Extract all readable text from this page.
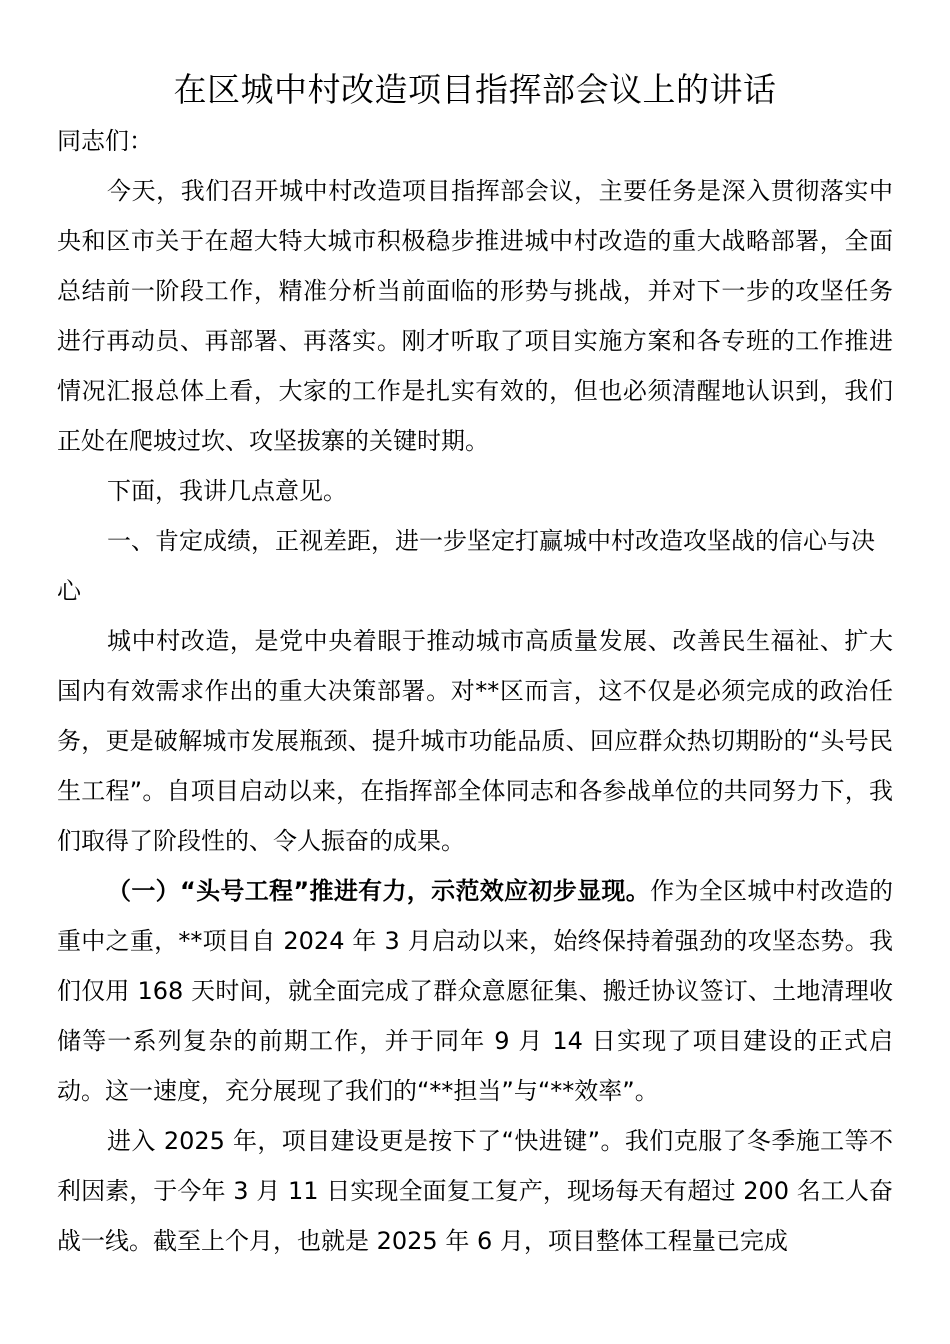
在区城中村改造项目指挥部会议上的讲话

同志们：

今天，我们召开城中村改造项目指挥部会议，主要任务是深入贯彻落实中央和区市关于在超大特大城市积极稳步推进城中村改造的重大战略部署，全面总结前一阶段工作，精准分析当前面临的形势与挑战，并对下一步的攻坚任务进行再动员、再部署、再落实。刚才听取了项目实施方案和各专班的工作推进情况汇报总体上看，大家的工作是扎实有效的，但也必须清醒地认识到，我们正处在爬坡过坎、攻坚拔寨的关键时期。

下面，我讲几点意见。

一、肯定成绩，正视差距，进一步坚定打赢城中村改造攻坚战的信心与决心

城中村改造，是党中央着眼于推动城市高质量发展、改善民生福祉、扩大国内有效需求作出的重大决策部署。对**区而言，这不仅是必须完成的政治任务，更是破解城市发展瓶颈、提升城市功能品质、回应群众热切期盼的“头号民生工程”。自项目启动以来，在指挥部全体同志和各参战单位的共同努力下，我们取得了阶段性的、令人振奋的成果。

（一）“头号工程”推进有力，示范效应初步显现。作为全区城中村改造的重中之重，**项目自 2024 年 3 月启动以来，始终保持着强劲的攻坚态势。我们仅用 168 天时间，就全面完成了群众意愿征集、搬迁协议签订、土地清理收储等一系列复杂的前期工作，并于同年 9 月 14 日实现了项目建设的正式启动。这一速度，充分展现了我们的“**担当”与“**效率”。

进入 2025 年，项目建设更是按下了“快进键”。我们克服了冬季施工等不利因素，于今年 3 月 11 日实现全面复工复产，现场每天有超过 200 名工人奋战一线。截至上个月，也就是 2025 年 6 月，项目整体工程量已完成
